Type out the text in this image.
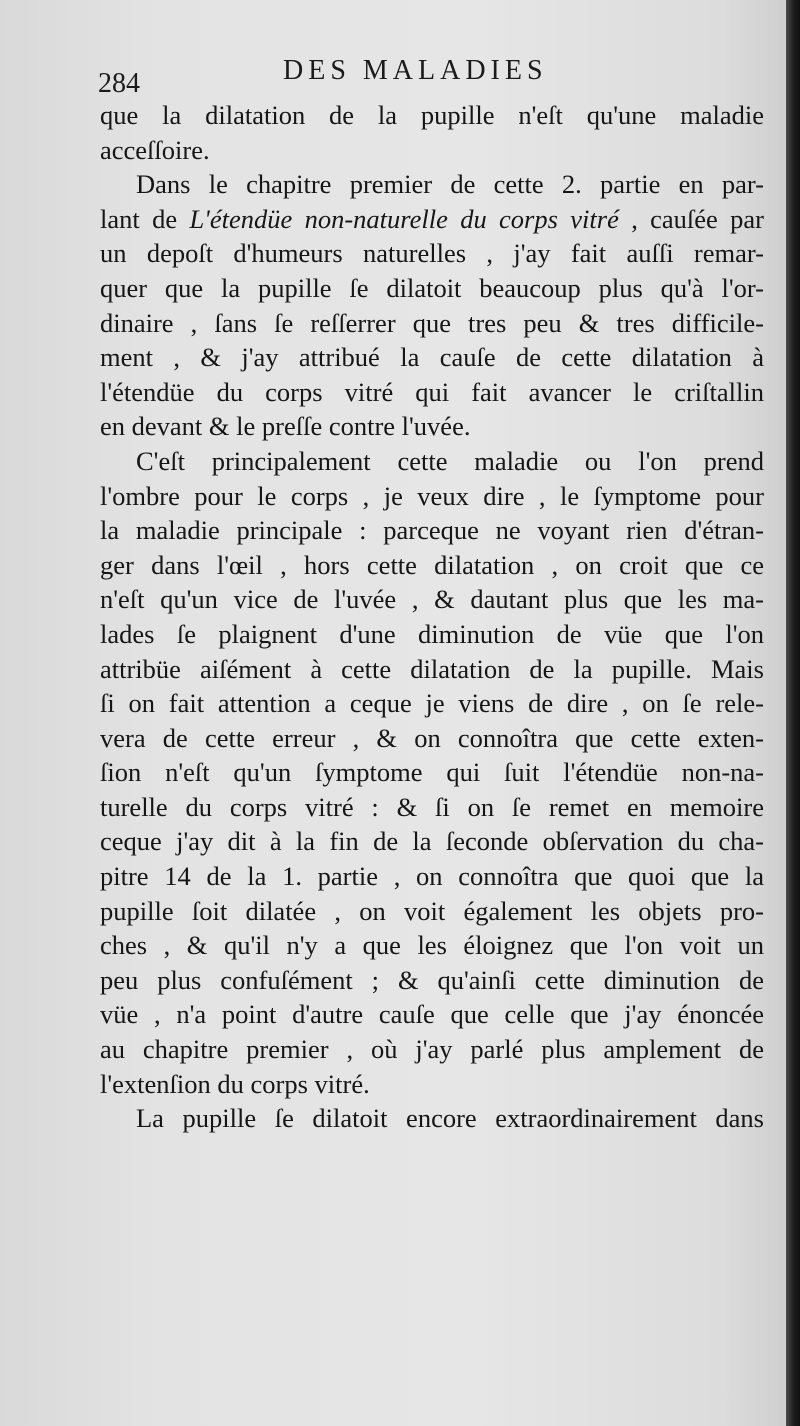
284	DES MALADIES

que la dilatation de la pupille n'eſt qu'une maladie
acceſſoire.

Dans le chapitre premier de cette 2. partie en par-
lant de L'étendüe non-naturelle du corps vitré , cauſée par
un depoſt d'humeurs naturelles , j'ay fait auſſi remar-
quer que la pupille ſe dilatoit beaucoup plus qu'à l'or-
dinaire , ſans ſe reſſerrer que tres peu & tres difficile-
ment , & j'ay attribué la cauſe de cette dilatation à
l'étendüe du corps vitré qui fait avancer le criſtallin
en devant & le preſſe contre l'uvée.

C'eſt principalement cette maladie ou l'on prend
l'ombre pour le corps , je veux dire , le ſymptome pour
la maladie principale : parceque ne voyant rien d'étran-
ger dans l'œil , hors cette dilatation , on croit que ce
n'eſt qu'un vice de l'uvée , & dautant plus que les ma-
lades ſe plaignent d'une diminution de vüe que l'on
attribüe aiſément à cette dilatation de la pupille. Mais
ſi on fait attention a ceque je viens de dire , on ſe rele-
vera de cette erreur , & on connoîtra que cette exten-
ſion n'eſt qu'un ſymptome qui ſuit l'étendüe non-na-
turelle du corps vitré : & ſi on ſe remet en memoire
ceque j'ay dit à la fin de la ſeconde obſervation du cha-
pitre 14 de la 1. partie , on connoîtra que quoi que la
pupille ſoit dilatée , on voit également les objets pro-
ches , & qu'il n'y a que les éloignez que l'on voit un
peu plus confuſément ; & qu'ainſi cette diminution de
vüe , n'a point d'autre cauſe que celle que j'ay énoncée
au chapitre premier , où j'ay parlé plus amplement de
l'extenſion du corps vitré.

La pupille ſe dilatoit encore extraordinairement dans
